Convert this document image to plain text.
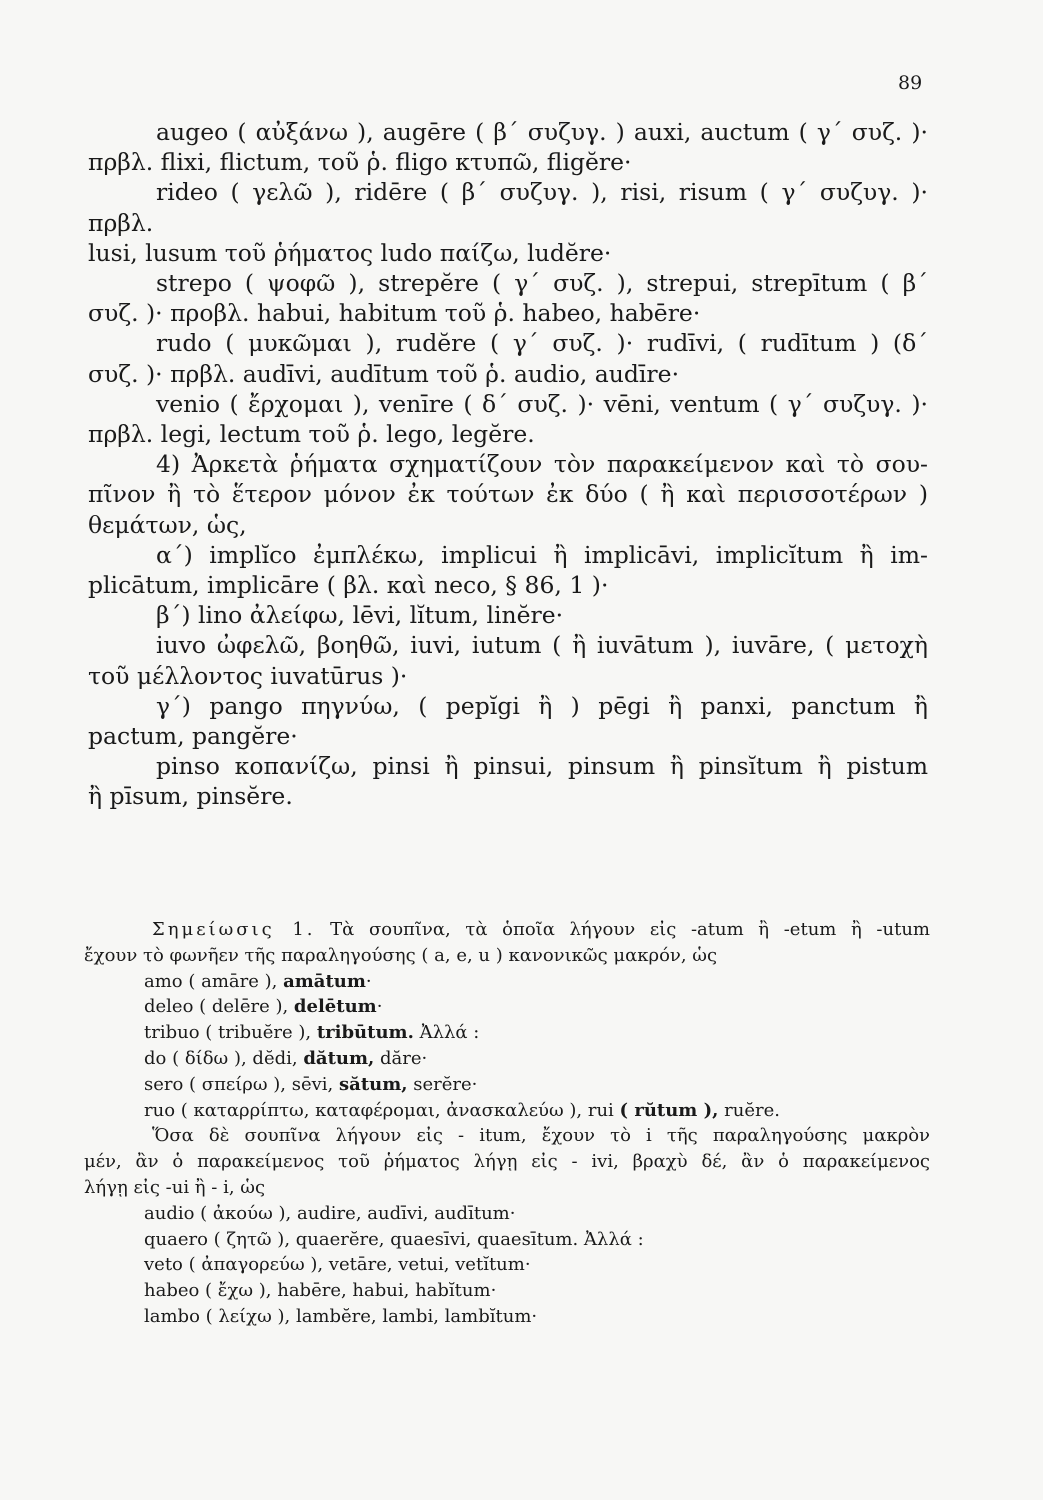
89

augeo ( αὐξάνω ), augēre ( β΄ συζυγ. ) auxi, auctum ( γ΄ συζ. )·

πρβλ. flixi, flictum, τοῦ ῥ. fligo κτυπῶ, fligĕre·

rideo ( γελῶ ), ridēre ( β΄ συζυγ. ), risi, risum ( γ΄ συζυγ. )· πρβλ.

lusi, lusum τοῦ ῥήματος ludo παίζω, ludĕre·

strepo ( ψοφῶ ), strepĕre ( γ΄ συζ. ), strepui, strepītum ( β΄

συζ. )· προβλ. habui, habitum τοῦ ῥ. habeo, habēre·

rudo ( μυκῶμαι ), rudĕre ( γ΄ συζ. )· rudīvi, ( rudītum ) (δ΄

συζ. )· πρβλ. audīvi, audītum τοῦ ῥ. audio, audīre·

venio ( ἔρχομαι ), venīre ( δ΄ συζ. )· vēni, ventum ( γ΄ συζυγ. )·

πρβλ. legi, lectum τοῦ ῥ. lego, legĕre.

4) Ἀρκετὰ ῥήματα σχηματίζουν τὸν παρακείμενον καὶ τὸ σου-

πῖνον ἢ τὸ ἕτερον μόνον ἐκ τούτων ἐκ δύο ( ἢ καὶ περισσοτέρων )

θεμάτων, ὡς,

α΄) implĭco ἐμπλέκω, implicui ἢ implicāvi, implicĭtum ἢ im-

plicātum, implicāre ( βλ. καὶ neco, § 86, 1 )·

β΄) lino ἀλείφω, lēvi, lĭtum, linĕre·

iuvo ὠφελῶ, βοηθῶ, iuvi, iutum ( ἢ iuvātum ), iuvāre, ( μετοχὴ

τοῦ μέλλοντος iuvatūrus )·

γ΄) pango πηγνύω, ( pepĭgi ἢ ) pēgi ἢ panxi, panctum ἢ

pactum, pangĕre·

pinso κοπανίζω, pinsi ἢ pinsui, pinsum ἢ pinsĭtum ἢ pistum

ἢ pīsum, pinsĕre.

Σημείωσις 1. Τὰ σουπῖνα, τὰ ὁποῖα λήγουν εἰς -atum ἢ -etum ἢ -utum

ἔχουν τὸ φωνῆεν τῆς παραληγούσης ( a, e, u ) κανονικῶς μακρόν, ὡς

amo ( amāre ), amātum·

deleo ( delēre ), delētum·

tribuo ( tribuĕre ), tribūtum. Ἀλλά :

do ( δίδω ), dĕdi, dătum, dăre·

sero ( σπείρω ), sēvi, sătum, serĕre·

ruo ( καταρρίπτω, καταφέρομαι, ἀνασκαλεύω ), rui ( rŭtum ), ruĕre.

Ὅσα δὲ σουπῖνα λήγουν εἰς - itum, ἔχουν τὸ i τῆς παραληγούσης μακρὸν

μέν, ἂν ὁ παρακείμενος τοῦ ῥήματος λήγῃ εἰς - ivi, βραχὺ δέ, ἂν ὁ παρακείμενος

λήγῃ εἰς -ui ἢ - i, ὡς

audio ( ἀκούω ), audire, audīvi, audītum·

quaero ( ζητῶ ), quaerĕre, quaesīvi, quaesītum. Ἀλλά :

veto ( ἀπαγορεύω ), vetāre, vetui, vetĭtum·

habeo ( ἔχω ), habēre, habui, habĭtum·

lambo ( λείχω ), lambĕre, lambi, lambĭtum·
